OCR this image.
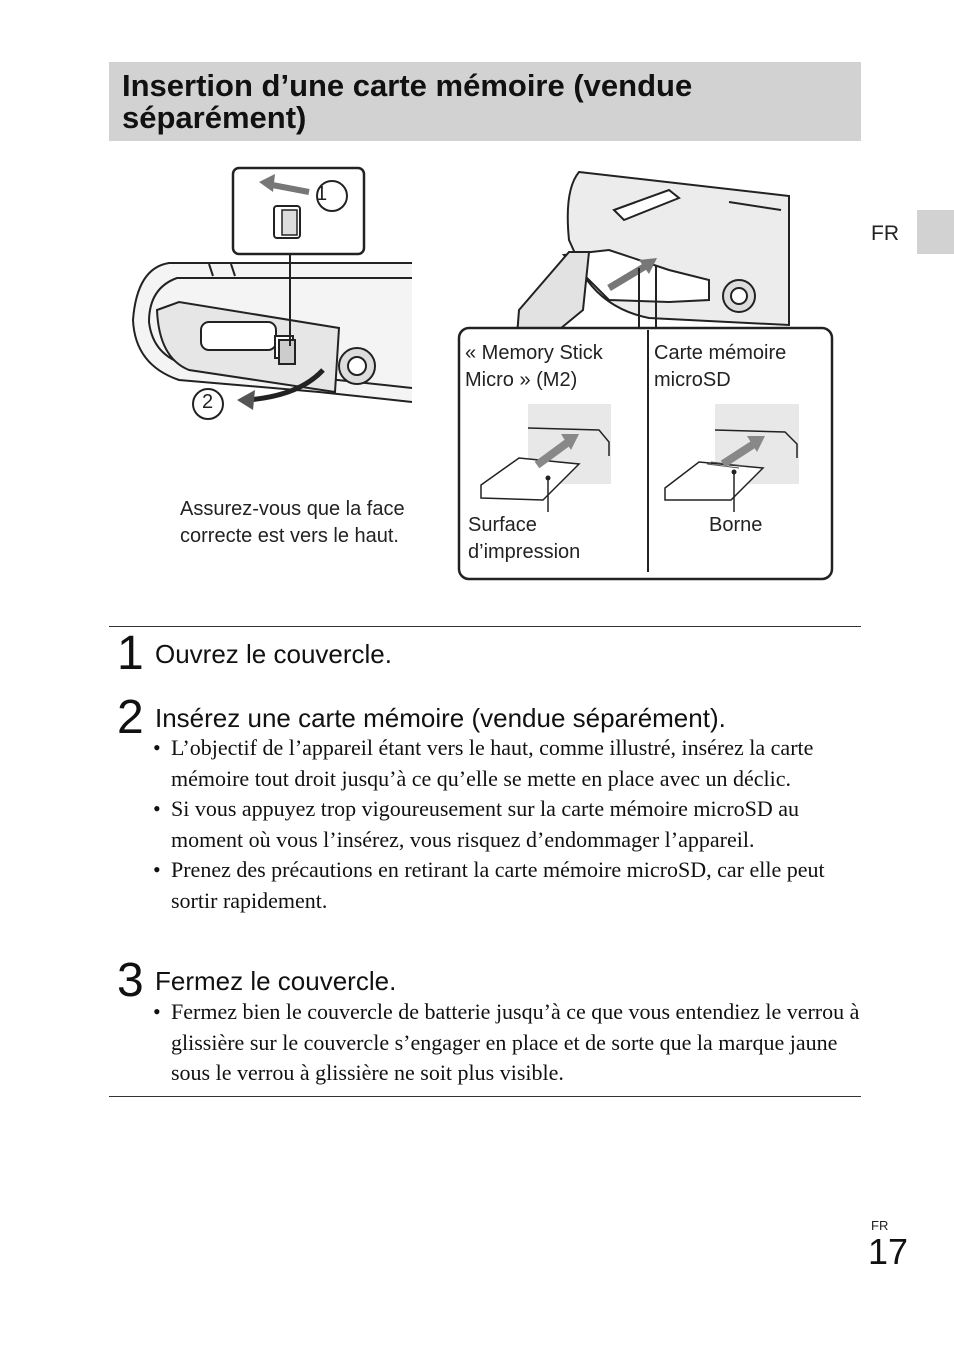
Insertion d’une carte mémoire (vendue
séparément)
FR
1
2
« Memory Stick
Micro » (M2)
Carte mémoire
microSD
Surface
d’impression
Borne
Assurez-vous que la face
correcte est vers le haut.
1 Ouvrez le couvercle.
2 Insérez une carte mémoire (vendue séparément).
• L’objectif de l’appareil étant vers le haut, comme illustré, insérez la carte mémoire tout droit jusqu’à ce qu’elle se mette en place avec un déclic.
• Si vous appuyez trop vigoureusement sur la carte mémoire microSD au moment où vous l’insérez, vous risquez d’endommager l’appareil.
• Prenez des précautions en retirant la carte mémoire microSD, car elle peut sortir rapidement.
3 Fermez le couvercle.
• Fermez bien le couvercle de batterie jusqu’à ce que vous entendiez le verrou à glissière sur le couvercle s’engager en place et de sorte que la marque jaune sous le verrou à glissière ne soit plus visible.
FR
17
